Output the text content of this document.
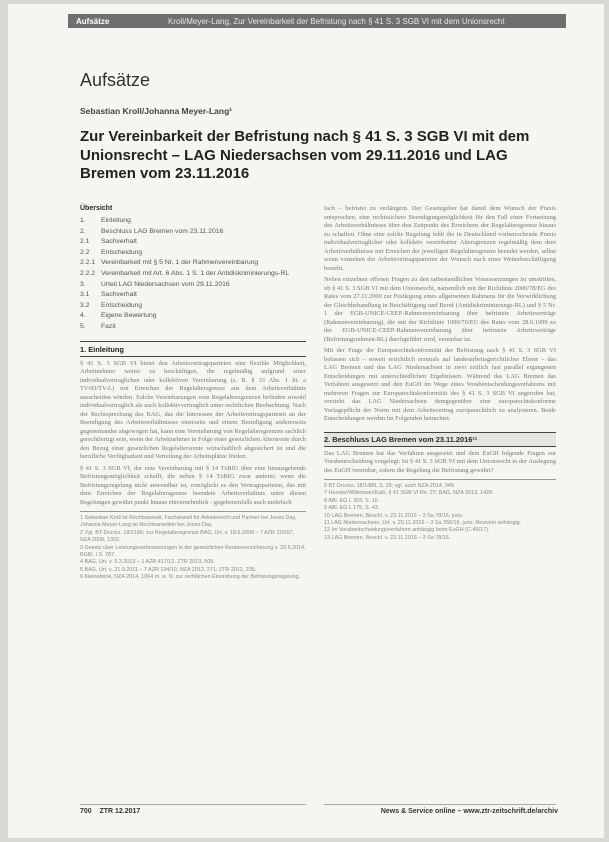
Aufsätze	Kroll/Meyer-Lang, Zur Vereinbarkeit der Befristung nach § 41 S. 3 SGB VI mit dem Unionsrecht
Aufsätze
Sebastian Kroll/Johanna Meyer-Lang¹
Zur Vereinbarkeit der Befristung nach § 41 S. 3 SGB VI mit dem Unionsrecht – LAG Niedersachsen vom 29.11.2016 und LAG Bremen vom 23.11.2016
Übersicht
1.	Einleitung
2.	Beschluss LAG Bremen vom 23.11.2016
2.1	Sachverhalt
2.2	Entscheidung
2.2.1 Vereinbarkeit mit § 5 Nr. 1 der Rahmenvereinbarung
2.2.2 Vereinbarkeit mit Art. 6 Abs. 1 S. 1 der Antidiskriminierungs-RL
3.	Urteil LAG Niedersachsen vom 29.11.2016
3.1	Sachverhalt
3.2	Entscheidung
4.	Eigene Bewertung
5.	Fazit
1. Einleitung

§ 41 S. 3 SGB VI bietet den Arbeitsvertragsparteien eine flexible Möglichkeit, Arbeitnehmer weiter zu beschäftigen, die regelmäßig aufgrund einer individualvertraglichen oder kollektiven Vereinbarung (z. B. § 33 Abs. 1 lit. a TVöD/TV-L) mit Erreichen der Regelaltersgrenze aus dem Arbeitsverhältnis ausscheiden würden. Solche Vereinbarungen vom Regelaltersgrenzen befinden sowohl individualvertraglich als auch kollektivvertraglich unter rechtlichen Beobachtung. Nach der Rechtsprechung des BAG, das die Interessen der Arbeitsvertragsparteien an der Beendigung des Arbeitsverhältnisses einerseits und einem Beendigung andererseits gegeneinander abgewogen hat, kann eine Vereinbarung von Regelaltersgrenzen sachlich gerechtfertigt sein, wenn der Arbeitnehmer in Folge einer gesetzlichen Altersrente durch den Bezug einer gesetzlichen Regelaltersrente wirtschaftlich abgesichert ist und die berufliche Verfügbarkeit und Verteilung der Arbeitsplätze fördert.

§ 41 S. 3 SGB VI, der eine Vereinbarung mit § 14 TzBfG über eine hinausgehende Befristungsmöglichkeit schafft, die neben § 14 TzBfG zwar anderer, wenn die Befristungsregelung nicht anwendbar ist, ermöglicht es den Vertragsparteien, das mit dem Erreichen der Regelaltersgrenze beendete Arbeitsverhältnis unter diesen Regelungen gewährt punkt hinaus einvernehmlich - gegebenenfalls auch mehrfach

1 Sebastian Kroll ist Rechtsanwalt, Fachanwalt für Arbeitsrecht und Partner bei Jones Day, Johanna Meyer-Lang ist Rechtsanwältin bei Jones Day.

2 Vgl. BT-Drucks. 18/2186; zur Regelaltersgrenze BAG, Urt. v. 18.6.2008 – 7 AZR 116/07, NZA 2008, 1302.

3 Gesetz über Leistungsverbesserungen in der gesetzlichen Rentenversicherung v. 23.6.2014, BGBl. I S. 787.

4 BAG, Urt. v. 5.3.2013 – 1 AZR 417/12, ZTR 2013, 509.

5 BAG, Urt. v. 21.9.2011 – 7 AZR 134/10, NZA 2012, 271; ZTR 2012, 235.

6 Kleinebrink, NZA 2014, 1064 m. w. N. zur rechtlichen Einordnung der Befristungsregelung.

fach – befristet zu verlängern. Der Gesetzgeber hat damit dem Wunsch der Praxis entsprochen, eine rechtssichere Beendigungsmöglichkeit für den Fall einer Fortsetzung des Arbeitsverhältnisses über den Zeitpunkt des Erreichens der Regelaltersgrenze hinaus zu schaffen. Ohne eine solche Regelung fehlt die in Deutschland vorherrschende Praxis individualvertraglicher oder kollektiv vereinbarter Altersgrenzen regelmäßig dem dem Arbeitsverhältnisse mit Erreichen der jeweiligen Regelaltersgrenze beendet werden, selbst wenn vonseiten der Arbeitsvertragsparteien der Wunsch nach einer Weiterbeschäftigung besteht.

Neben einzelnen offenen Fragen zu den tatbestandlichen Voraussetzungen ist umstritten, ob § 41 S. 3 SGB VI mit dem Unionsrecht, namentlich mit der Richtlinie 2000/78/EG des Rates vom 27.11.2000 zur Festlegung eines allgemeinen Rahmens für die Verwirklichung der Gleichbehandlung in Beschäftigung und Beruf (Antidiskriminierungs-RL) und § 5 Nr. 1 der EGB-UNICE-CEEP-Rahmenvereinbarung über befristete Arbeitsverträge (Rahmenvereinbarung), die mit der Richtlinie 1999/70/EG des Rates vom 28.6.1999 zu der EGB-UNICE-CEEP-Rahmenvereinbarung über befristete Arbeitsverträge (Befristungsrahmen-RL) durchgeführt wird, vereinbar ist.

Mit der Frage der Europarechtskonformität der Befristung nach § 41 S. 3 SGB VI befassen sich – soweit ersichtlich erstmals auf landesarbeitsgerichtlicher Ebene – das LAG Bremen und das LAG Niedersachsen in zwei zeitlich fast parallel ergangenen Entscheidungen mit unterschiedlichen Ergebnissen. Während das LAG Bremen das Verfahren ausgesetzt und den EuGH im Wege eines Vorabentscheidungsverfahrens mit mehreren Fragen zur Europarechtskonformität des § 41 S. 3 SGB VI angerufen hat, versteht das LAG Niedersachsen demgegenüber eine europarechtskonforme Vorlagepflicht der Norm mit dem Arbeitsvertrag europarechtlich zu analysieren. Beide Entscheidungen werden im Folgenden betrachtet.

2. Beschluss LAG Bremen vom 23.11.2016¹¹

Das LAG Bremen hat das Verfahren ausgesetzt und dem EuGH folgende Fragen zur Vorabentscheidung vorgelegt: Ist § 41 S. 3 SGB VI mit dem Unionsrecht in der Auslegung des EuGH vereinbar, sofern die Regelung die Befristung gewährt?

6 BT-Drucks. 18/1489, S. 25; vgl. auch NZA 2014, 949.

7 Hessler/Willemsen/Kalb, § 41 SGB VI Rn. 27; BAG, NZA 2013, 1428.

8 ABl. EG L 303, S. 16.

9 ABl. EG L 175, S. 43.

10 LAG Bremen, Beschl. v. 23.11.2016 – 3 Sa 78/16, juris.

11 LAG Niedersachsen, Urt. v. 29.11.2016 – 3 Sa 356/16, juris; Revision anhängig.

12 Im Vorabentscheidungsverfahren anhängig beim EuGH (C-46/17).

13 LAG Bremen, Beschl. v. 23.11.2016 – 3 Sa 78/16.

700 ZTR 12.2017	News & Service online – www.ztr-zeitschrift.de/archiv
